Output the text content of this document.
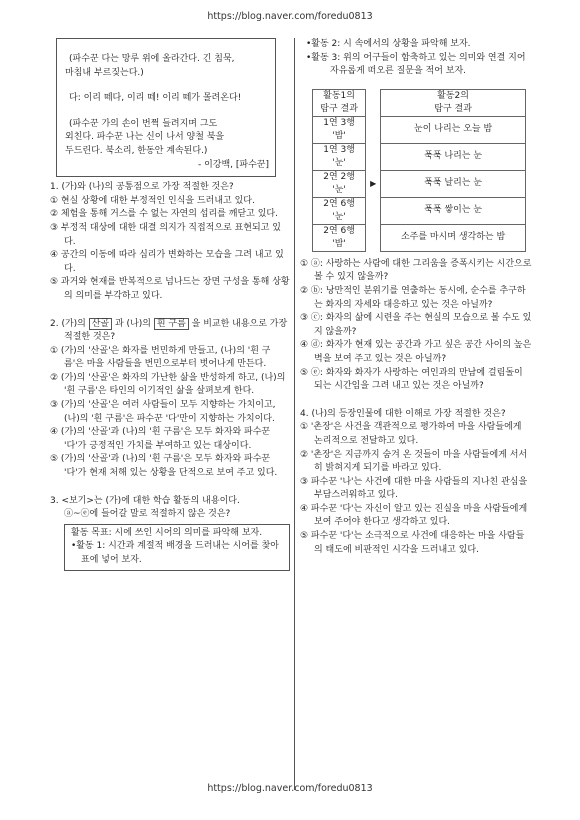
https://blog.naver.com/foredu0813

(파수꾼 다는 망루 위에 올라간다. 긴 침묵,
마침내 부르짖는다.)

다: 이리 떼다, 이리 떼! 이리 떼가 몰려온다!

(파수꾼 가의 손이 번쩍 들려지며 그도
외친다. 파수꾼 나는 신이 나서 양철 북을
두드린다. 북소리, 한동안 계속된다.)

- 이강백, [파수꾼]

1. (가)와 (나)의 공통점으로 가장 적절한 것은?

① 현실 상황에 대한 부정적인 인식을 드러내고 있다.

② 체험을 통해 거스를 수 없는 자연의 섭리를 깨닫고 있다.

③ 부정적 대상에 대한 대결 의지가 직접적으로 표현되고 있다.

④ 공간의 이동에 따라 심리가 변화하는 모습을 그려 내고 있다.

⑤ 과거와 현재를 반복적으로 넘나드는 장면 구성을 통해 상황의 의미를 부각하고 있다.

2. (가)의 산골 과 (나)의 흰 구름 을 비교한 내용으로 가장 적절한 것은?

① (가)의 '산골'은 화자를 번민하게 만들고, (나)의 '흰 구름'은 마을 사람들을 번민으로부터 벗어나게 만든다.

② (가)의 '산골'은 화자의 가난한 삶을 반성하게 하고, (나)의 '흰 구름'은 타인의 이기적인 삶을 살펴보게 한다.

③ (가)의 '산골'은 여러 사람들이 모두 지향하는 가치이고, (나)의 '흰 구름'은 파수꾼 '다'만이 지향하는 가치이다.

④ (가)의 '산골'과 (나)의 '흰 구름'은 모두 화자와 파수꾼 '다'가 긍정적인 가치를 부여하고 있는 대상이다.

⑤ (가)의 '산골'과 (나)의 '흰 구름'은 모두 화자와 파수꾼 '다'가 현재 처해 있는 상황을 단적으로 보여 주고 있다.

3. <보기>는 (가)에 대한 학습 활동의 내용이다.

ⓐ~ⓔ에 들어갈 말로 적절하지 않은 것은?

활동 목표: 시에 쓰인 시어의 의미를 파악해 보자.
•활동 1: 시간과 계절적 배경을 드러내는 시어를 찾아 표에 넣어 보자.
•활동 2: 시 속에서의 상황을 파악해 보자.
•활동 3: 위의 어구들이 함축하고 있는 의미와 연결 지어 자유롭게 떠오른 질문을 적어 보자.
활동1의
탐구 결과		활동2의
탐구 결과
1연 3행
'밤'		눈이 나리는 오늘 밤
1연 3행
'눈'		푹푹 나리는 눈
2연 2행
'눈'	▶	푹푹 날리는 눈
2연 6행
'눈'		푹푹 쌓이는 눈
2연 6행
'밤'		소주를 마시며 생각하는 밤

① ⓐ: 사랑하는 사람에 대한 그리움을 증폭시키는 시간으로 볼 수 있지 않을까?

② ⓑ: 낭만적인 분위기를 연출하는 동시에, 순수를 추구하는 화자의 자세와 대응하고 있는 것은 아닐까?

③ ⓒ: 화자의 삶에 시련을 주는 현실의 모습으로 볼 수도 있지 않을까?

④ ⓓ: 화자가 현재 있는 공간과 가고 싶은 공간 사이의 높은 벽을 보여 주고 있는 것은 아닐까?

⑤ ⓔ: 화자와 화자가 사랑하는 여인과의 만남에 걸림돌이 되는 시간임을 그려 내고 있는 것은 아닐까?

4. (나)의 등장인물에 대한 이해로 가장 적절한 것은?

① '촌장'은 사건을 객관적으로 평가하여 마을 사람들에게 논리적으로 전달하고 있다.

② '촌장'은 지금까지 숨겨 온 것들이 마을 사람들에게 서서히 밝혀지게 되기를 바라고 있다.

③ 파수꾼 '나'는 사건에 대한 마을 사람들의 지나친 관심을 부담스러워하고 있다.

④ 파수꾼 '다'는 자신이 알고 있는 진실을 마을 사람들에게 보여 주어야 한다고 생각하고 있다.

⑤ 파수꾼 '다'는 소극적으로 사건에 대응하는 마을 사람들의 태도에 비판적인 시각을 드러내고 있다.

https://blog.naver.com/foredu0813
